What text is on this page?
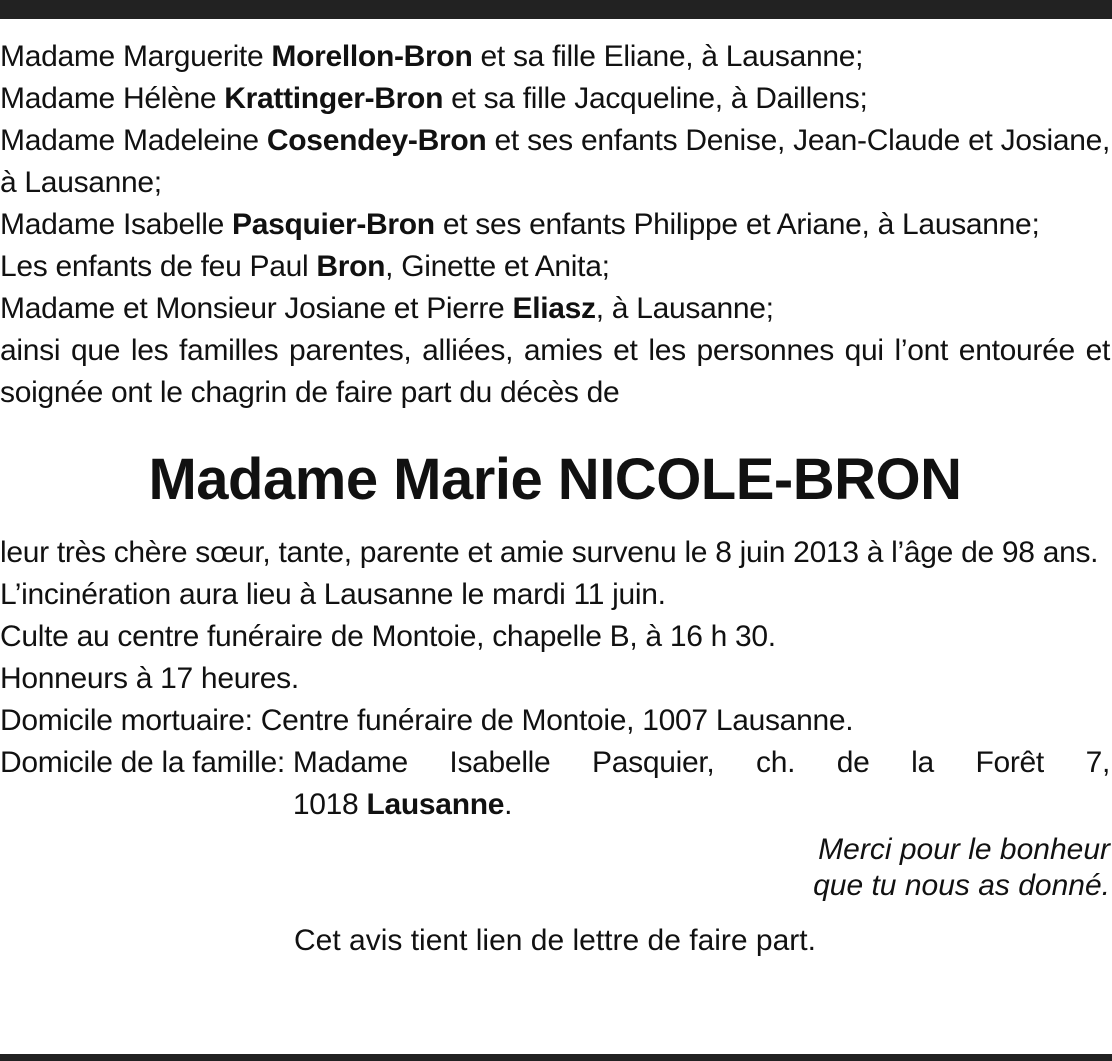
Madame Marguerite Morellon-Bron et sa fille Eliane, à Lausanne;

Madame Hélène Krattinger-Bron et sa fille Jacqueline, à Daillens;

Madame Madeleine Cosendey-Bron et ses enfants Denise, Jean-Claude et Josiane, à Lausanne;

Madame Isabelle Pasquier-Bron et ses enfants Philippe et Ariane, à Lausanne;

Les enfants de feu Paul Bron, Ginette et Anita;

Madame et Monsieur Josiane et Pierre Eliasz, à Lausanne;

ainsi que les familles parentes, alliées, amies et les personnes qui l’ont entourée et soignée ont le chagrin de faire part du décès de

Madame Marie NICOLE-BRON

leur très chère sœur, tante, parente et amie survenu le 8 juin 2013 à l’âge de 98 ans.

L’incinération aura lieu à Lausanne le mardi 11 juin.

Culte au centre funéraire de Montoie, chapelle B, à 16 h 30.

Honneurs à 17 heures.

Domicile mortuaire: Centre funéraire de Montoie, 1007 Lausanne.

Domicile de la famille: Madame Isabelle Pasquier, ch. de la Forêt 7,
1018 Lausanne.

Merci pour le bonheur

que tu nous as donné.

Cet avis tient lien de lettre de faire part.
